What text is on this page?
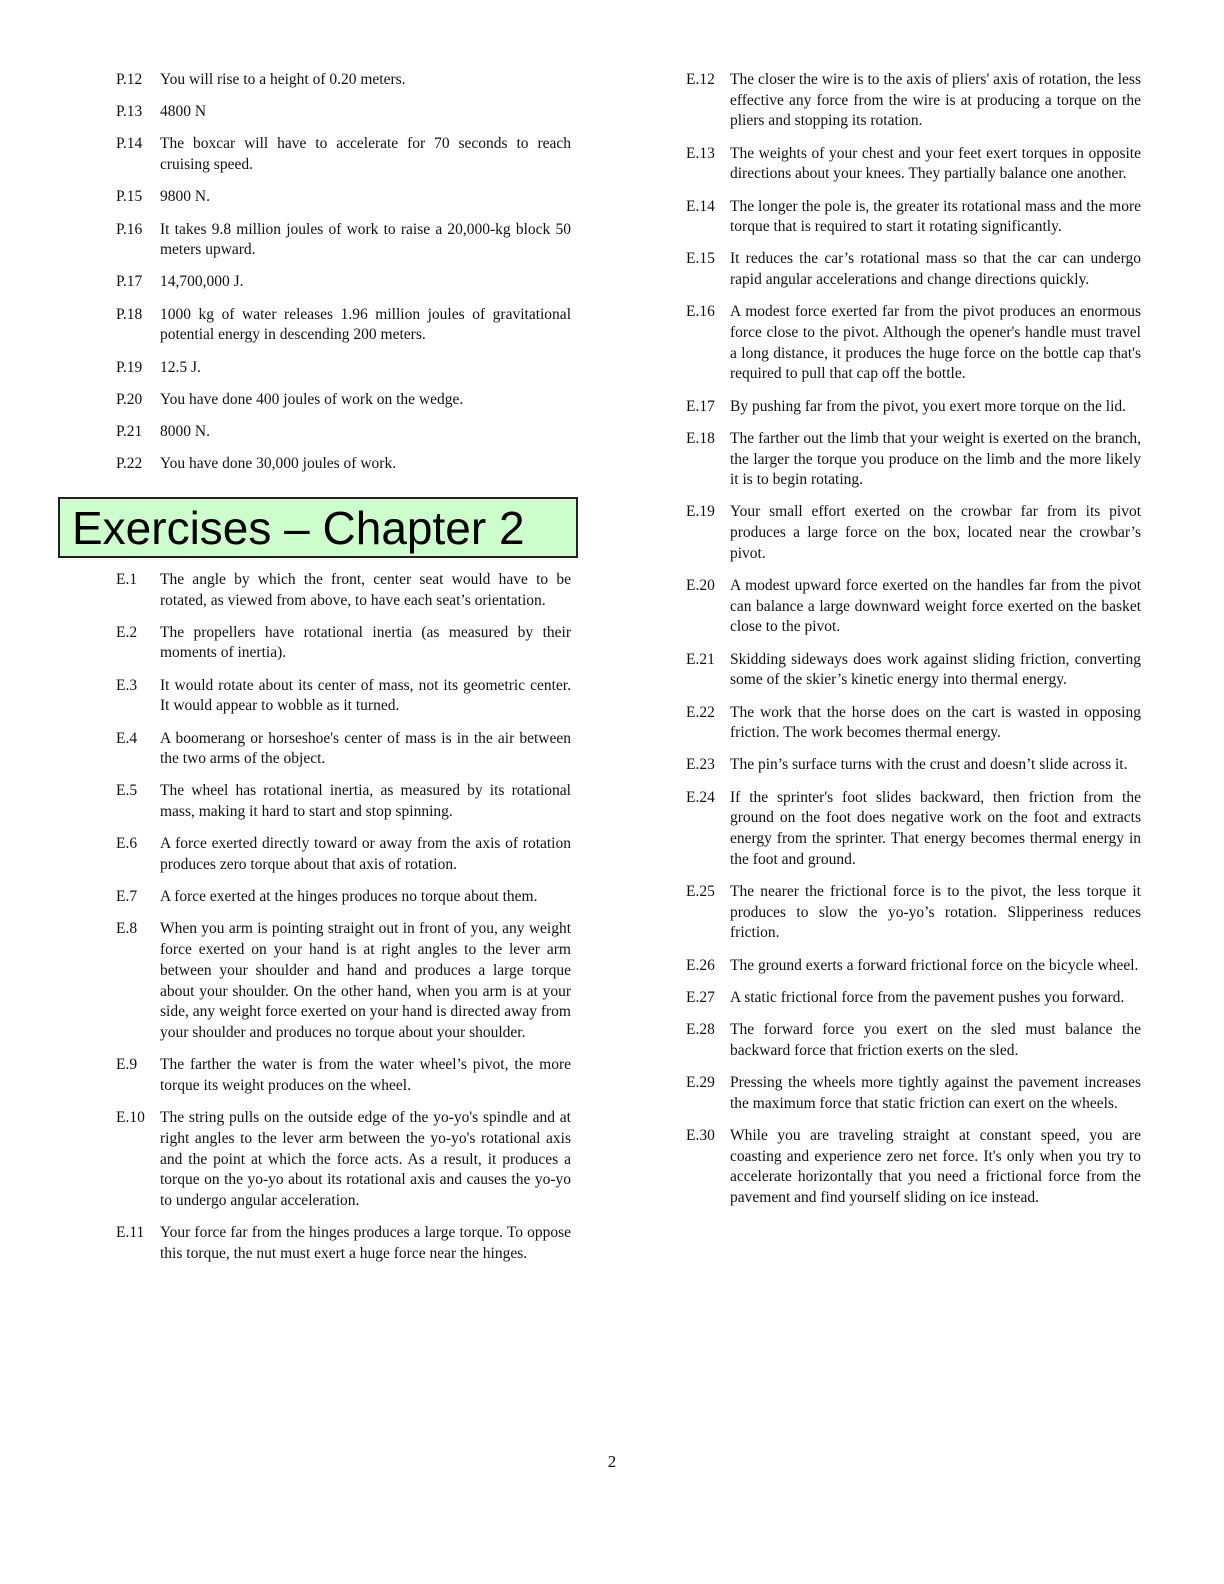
P.12	You will rise to a height of 0.20 meters.
P.13	4800 N
P.14	The boxcar will have to accelerate for 70 seconds to reach cruising speed.
P.15	9800 N.
P.16	It takes 9.8 million joules of work to raise a 20,000-kg block 50 meters upward.
P.17	14,700,000 J.
P.18	1000 kg of water releases 1.96 million joules of gravitational potential energy in descending 200 meters.
P.19	12.5 J.
P.20	You have done 400 joules of work on the wedge.
P.21	8000 N.
P.22	You have done 30,000 joules of work.
Exercises – Chapter 2
E.1	The angle by which the front, center seat would have to be rotated, as viewed from above, to have each seat’s orientation.
E.2	The propellers have rotational inertia (as measured by their moments of inertia).
E.3	It would rotate about its center of mass, not its geometric center. It would appear to wobble as it turned.
E.4	A boomerang or horseshoe's center of mass is in the air between the two arms of the object.
E.5	The wheel has rotational inertia, as measured by its rotational mass, making it hard to start and stop spinning.
E.6	A force exerted directly toward or away from the axis of rotation produces zero torque about that axis of rotation.
E.7	A force exerted at the hinges produces no torque about them.
E.8	When you arm is pointing straight out in front of you, any weight force exerted on your hand is at right angles to the lever arm between your shoulder and hand and produces a large torque about your shoulder. On the other hand, when you arm is at your side, any weight force exerted on your hand is directed away from your shoulder and produces no torque about your shoulder.
E.9	The farther the water is from the water wheel’s pivot, the more torque its weight produces on the wheel.
E.10 The string pulls on the outside edge of the yo-yo's spindle and at right angles to the lever arm between the yo-yo's rotational axis and the point at which the force acts. As a result, it produces a torque on the yo-yo about its rotational axis and causes the yo-yo to undergo angular acceleration.
E.11	Your force far from the hinges produces a large torque. To oppose this torque, the nut must exert a huge force near the hinges.
E.12 The closer the wire is to the axis of pliers' axis of rotation, the less effective any force from the wire is at producing a torque on the pliers and stopping its rotation.
E.13 The weights of your chest and your feet exert torques in opposite directions about your knees. They partially balance one another.
E.14 The longer the pole is, the greater its rotational mass and the more torque that is required to start it rotating significantly.
E.15 It reduces the car’s rotational mass so that the car can undergo rapid angular accelerations and change directions quickly.
E.16 A modest force exerted far from the pivot produces an enormous force close to the pivot. Although the opener's handle must travel a long distance, it produces the huge force on the bottle cap that's required to pull that cap off the bottle.
E.17 By pushing far from the pivot, you exert more torque on the lid.
E.18 The farther out the limb that your weight is exerted on the branch, the larger the torque you produce on the limb and the more likely it is to begin rotating.
E.19 Your small effort exerted on the crowbar far from its pivot produces a large force on the box, located near the crowbar’s pivot.
E.20 A modest upward force exerted on the handles far from the pivot can balance a large downward weight force exerted on the basket close to the pivot.
E.21 Skidding sideways does work against sliding friction, converting some of the skier’s kinetic energy into thermal energy.
E.22 The work that the horse does on the cart is wasted in opposing friction. The work becomes thermal energy.
E.23 The pin’s surface turns with the crust and doesn’t slide across it.
E.24 If the sprinter's foot slides backward, then friction from the ground on the foot does negative work on the foot and extracts energy from the sprinter. That energy becomes thermal energy in the foot and ground.
E.25 The nearer the frictional force is to the pivot, the less torque it produces to slow the yo-yo’s rotation. Slipperiness reduces friction.
E.26 The ground exerts a forward frictional force on the bicycle wheel.
E.27 A static frictional force from the pavement pushes you forward.
E.28 The forward force you exert on the sled must balance the backward force that friction exerts on the sled.
E.29 Pressing the wheels more tightly against the pavement increases the maximum force that static friction can exert on the wheels.
E.30 While you are traveling straight at constant speed, you are coasting and experience zero net force. It's only when you try to accelerate horizontally that you need a frictional force from the pavement and find yourself sliding on ice instead.
2
